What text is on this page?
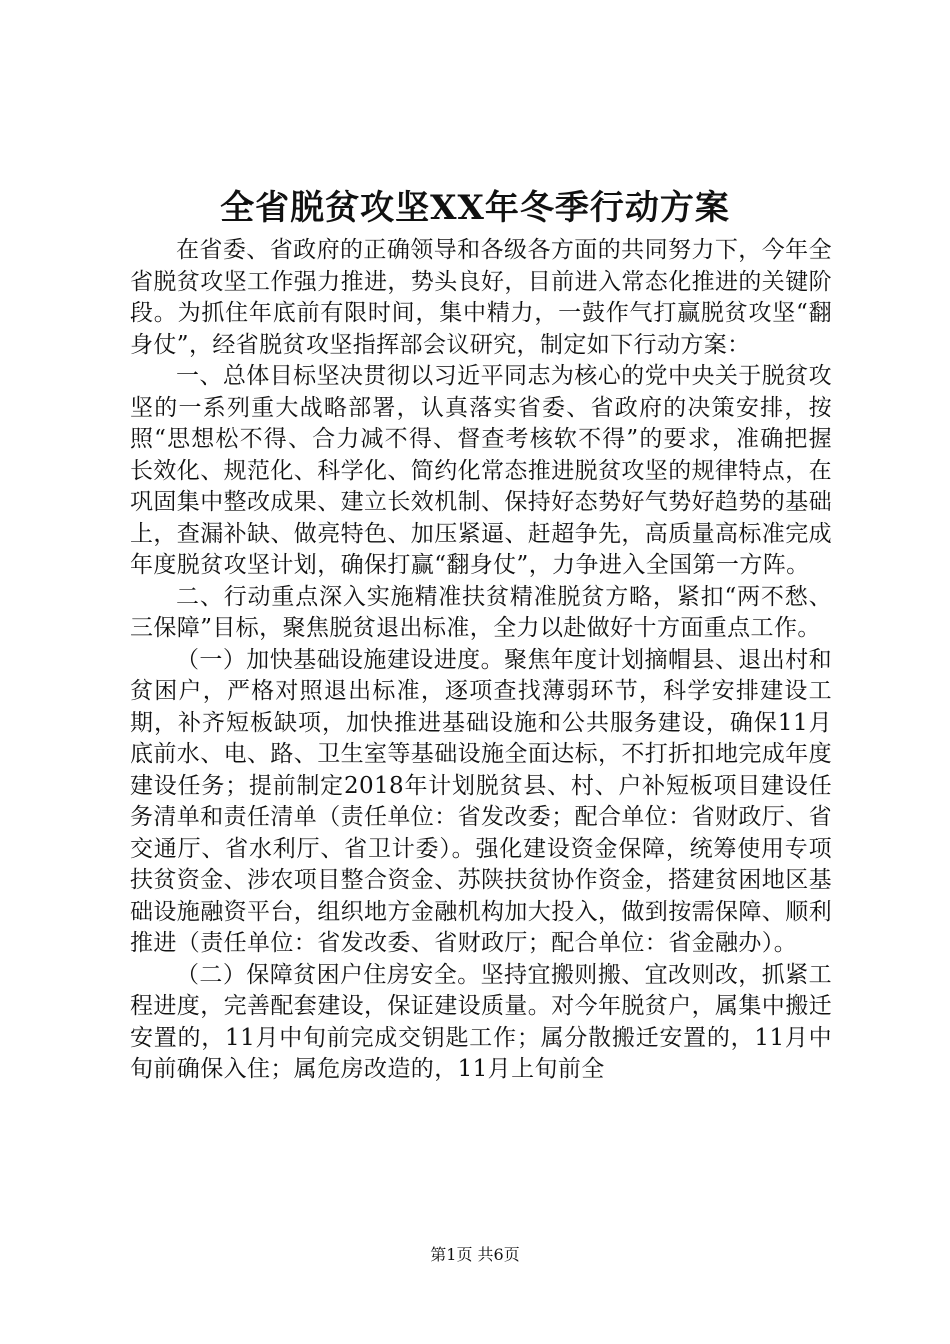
全省脱贫攻坚XX年冬季行动方案

在省委、省政府的正确领导和各级各方面的共同努力下，今年全省脱贫攻坚工作强力推进，势头良好，目前进入常态化推进的关键阶段。为抓住年底前有限时间，集中精力，一鼓作气打赢脱贫攻坚“翻身仗”，经省脱贫攻坚指挥部会议研究，制定如下行动方案：

一、总体目标坚决贯彻以习近平同志为核心的党中央关于脱贫攻坚的一系列重大战略部署，认真落实省委、省政府的决策安排，按照“思想松不得、合力减不得、督查考核软不得”的要求，准确把握长效化、规范化、科学化、简约化常态推进脱贫攻坚的规律特点，在巩固集中整改成果、建立长效机制、保持好态势好气势好趋势的基础上，查漏补缺、做亮特色、加压紧逼、赶超争先，高质量高标准完成年度脱贫攻坚计划，确保打赢“翻身仗”，力争进入全国第一方阵。

二、行动重点深入实施精准扶贫精准脱贫方略，紧扣“两不愁、三保障”目标，聚焦脱贫退出标准，全力以赴做好十方面重点工作。

（一）加快基础设施建设进度。聚焦年度计划摘帽县、退出村和贫困户，严格对照退出标准，逐项查找薄弱环节，科学安排建设工期，补齐短板缺项，加快推进基础设施和公共服务建设，确保11月底前水、电、路、卫生室等基础设施全面达标，不打折扣地完成年度建设任务；提前制定2018年计划脱贫县、村、户补短板项目建设任务清单和责任清单（责任单位：省发改委；配合单位：省财政厅、省交通厅、省水利厅、省卫计委）。强化建设资金保障，统筹使用专项扶贫资金、涉农项目整合资金、苏陕扶贫协作资金，搭建贫困地区基础设施融资平台，组织地方金融机构加大投入，做到按需保障、顺利推进（责任单位：省发改委、省财政厅；配合单位：省金融办）。

（二）保障贫困户住房安全。坚持宜搬则搬、宜改则改，抓紧工程进度，完善配套建设，保证建设质量。对今年脱贫户，属集中搬迁安置的，11月中旬前完成交钥匙工作；属分散搬迁安置的，11月中旬前确保入住；属危房改造的，11月上旬前全

第1页 共6页
